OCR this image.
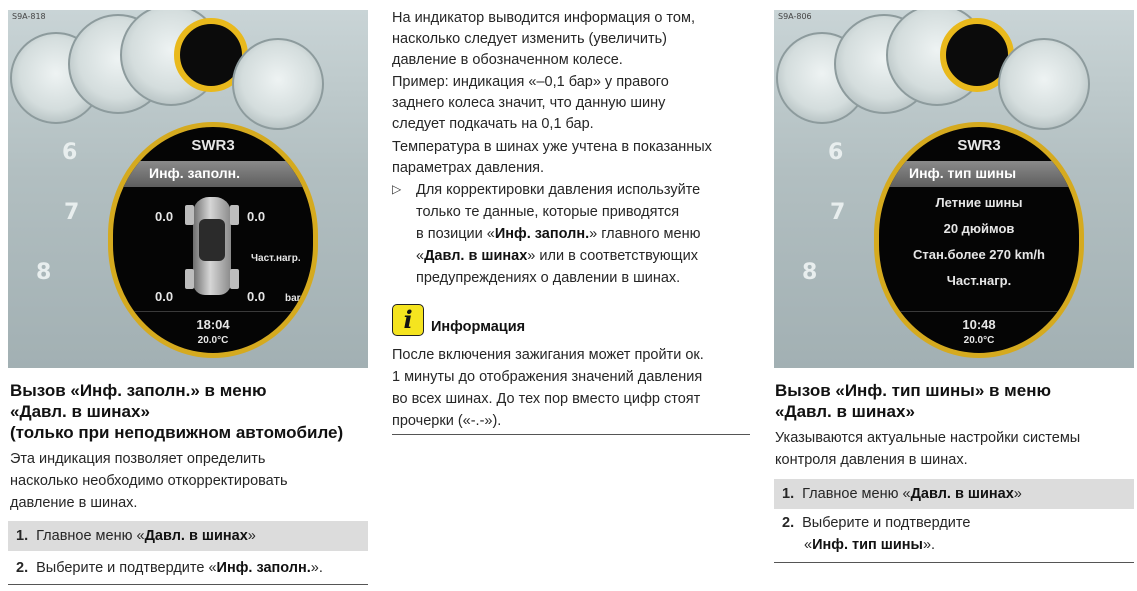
S9A-818
6
7
8
SWR3
Инф. заполн.
0.0	0.0
Част.нагр.
0.0	0.0 bar
18:04
20.0°C
S9A-806
6
7
8
SWR3
Инф. тип шины
Летние шины
20 дюймов
Стан.более 270 km/h
Част.нагр.
10:48
20.0°C
Вызов «Инф. заполн.» в меню
«Давл. в шинах»
(только при неподвижном автомобиле)
Эта индикация позволяет определить
насколько необходимо откорректировать
давление в шинах.
1. Главное меню «Давл. в шинах»
2. Выберите и подтвердите «Инф. заполн.».
На индикатор выводится информация о том,
насколько следует изменить (увеличить)
давление в обозначенном колесе.
Пример: индикация «–0,1 бар» у правого
заднего колеса значит, что данную шину
следует подкачать на 0,1 бар.
Температура в шинах уже учтена в показанных
параметрах давления.
▷ Для корректировки давления используйте
только те данные, которые приводятся
в позиции «Инф. заполн.» главного меню
«Давл. в шинах» или в соответствующих
предупреждениях о давлении в шинах.
i	Информация
После включения зажигания может пройти ок.
1 минуты до отображения значений давления
во всех шинах. До тех пор вместо цифр стоят
прочерки («-.-»).
Вызов «Инф. тип шины» в меню
«Давл. в шинах»
Указываются актуальные настройки системы
контроля давления в шинах.
1. Главное меню «Давл. в шинах»
2. Выберите и подтвердите
«Инф. тип шины».
